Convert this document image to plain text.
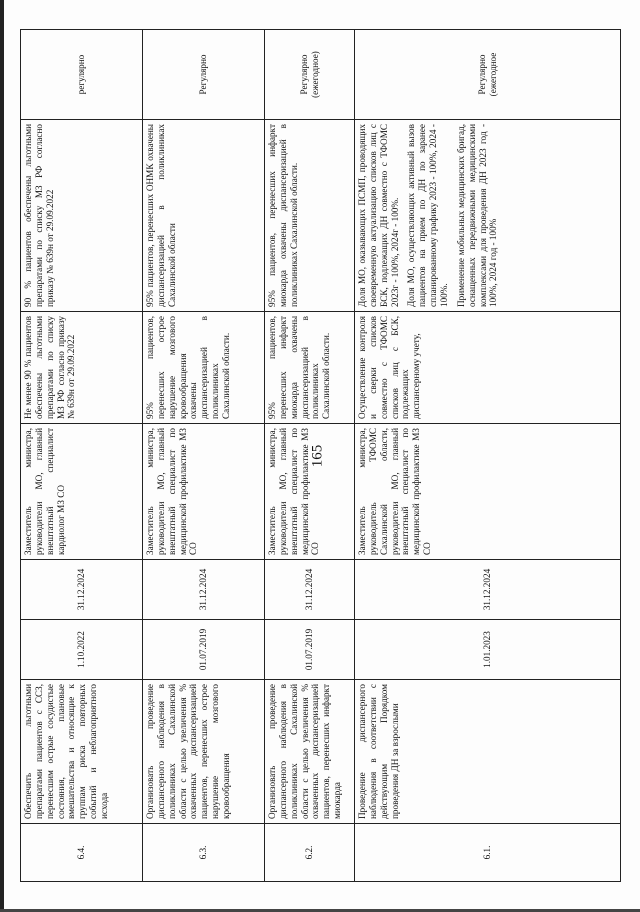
165
6.4.	Обеспечить льготными препаратами пациентов с ССЗ, перенесшим острые сосудистые состояния, плановые вмешательства и относящие к группам риска повторных событий и неблагоприятного исхода	1.10.2022	31.12.2024	Заместитель министра, руководители МО, главный внештатный специалист кардиолог МЗ СО	Не менее 90 % пациентов обеспечены льготными препаратами по списку МЗ РФ согласно приказу № 639н от 29.09.2022	90 % пациентов обеспечены льготными препаратами по списку МЗ РФ согласно приказу № 639н от 29.09.2022	регулярно
6.3.	Организовать проведение диспансерного наблюдения в поликлиниках Сахалинской области с целью увеличения % охваченных диспансеризацией пациентов, перенесших острое нарушение мозгового кровообращения	01.07.2019	31.12.2024	Заместитель министра, руководители МО, главный внештатный специалист по медицинской профилактике МЗ СО	95% пациентов, перенесших острое нарушение мозгового кровообращения охвачены диспансеризацией в поликлиниках Сахалинской области.	95% пациентов, перенесших ОНМК охвачены диспансеризацией в поликлиниках Сахалинской области	Регулярно
6.2.	Организовать проведение диспансерного наблюдения в поликлиниках Сахалинской области с целью увеличения % охваченных диспансеризацией пациентов, перенесших инфаркт миокарда	01.07.2019	31.12.2024	Заместитель министра, руководители МО, главный внештатный специалист по медицинской профилактике МЗ СО	95% пациентов, перенесших инфаркт миокарда охвачены диспансеризацией в поликлиниках Сахалинской области.	95% пациентов, перенесших инфаркт миокарда охвачены диспансеризацией в поликлиниках Сахалинской области.	Регулярно (ежегодное)
6.1.	Проведение диспансерного наблюдения в соответствии с действующим Порядком проведения ДН за взрослыми	1.01.2023	31.12.2024	Заместитель министра, руководитель ТФОМС Сахалинской области, руководители МО, главный внештатный специалист по медицинской профилактике МЗ СО	Осуществление контроля и сверки списков совместно с ТФОМС списков лиц с БСК, подлежащих диспансерному учету,	Доля МО, оказывающих ПСМП, проводящих своевременную актуализацию списков лиц с БСК, подлежащих ДН совместно с ТФОМС 2023г - 100%, 2024г - 100%. Доля МО, осуществляющих активный вызов пациентов на прием по ДН по заранее спланированному графику 2023 - 100%, 2024 - 100%. Применение мобильных медицинских бригад, оснащенных передвижными медицинскими комплексами для проведения ДН 2023 год - 100%, 2024 год - 100%	Регулярно (ежегодное
